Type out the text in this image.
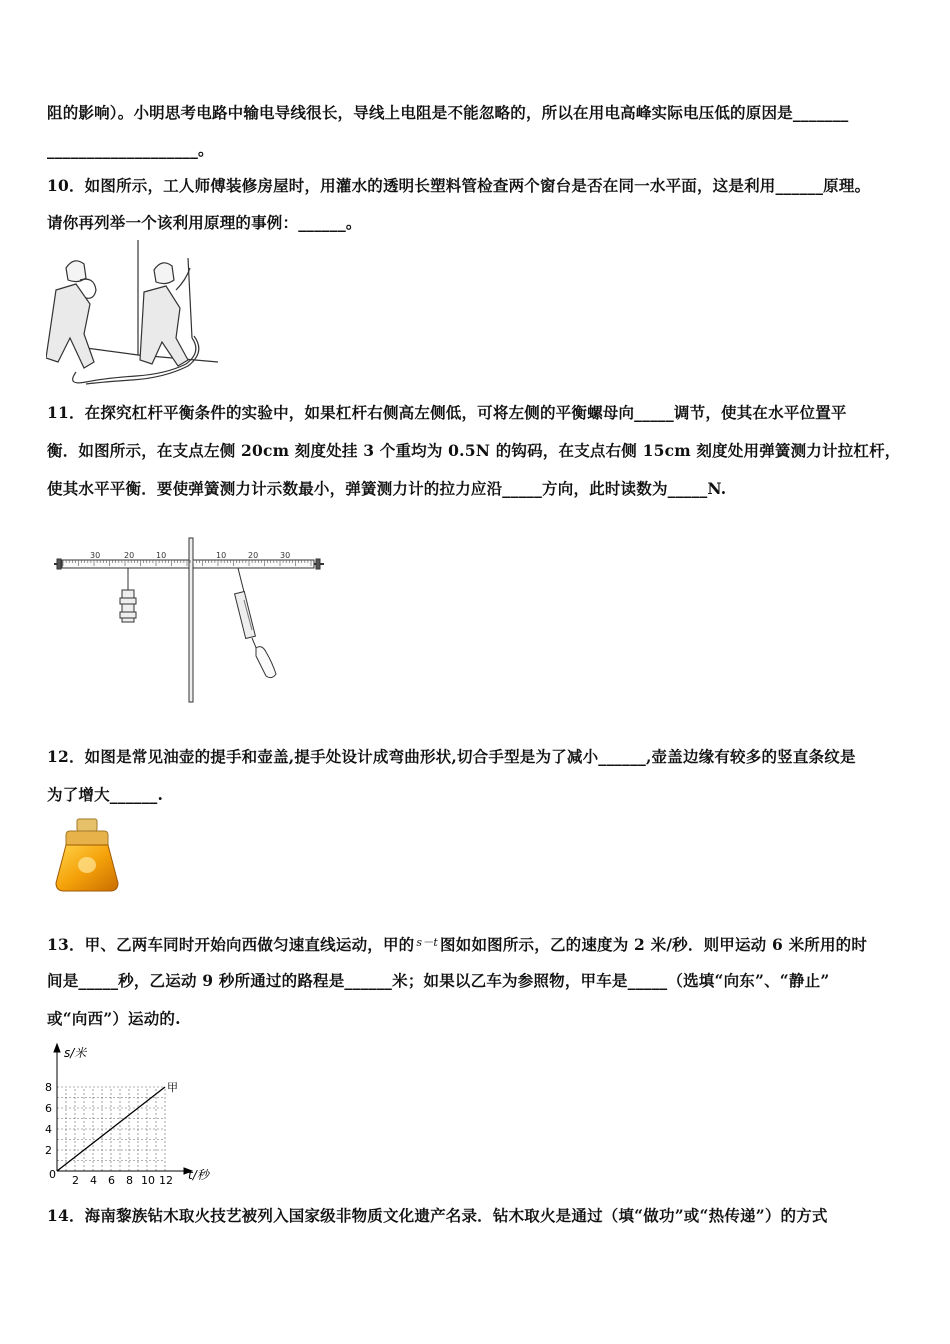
阻的影响）。小明思考电路中输电导线很长，导线上电阻是不能忽略的，所以在用电高峰实际电压低的原因是_______
___________________。
10．如图所示，工人师傅装修房屋时，用灌水的透明长塑料管检查两个窗台是否在同一水平面，这是利用______原理。
请你再列举一个该利用原理的事例：______。
11．在探究杠杆平衡条件的实验中，如果杠杆右侧高左侧低，可将左侧的平衡螺母向_____调节，使其在水平位置平
衡．如图所示，在支点左侧 20cm 刻度处挂 3 个重均为 0.5N 的钩码，在支点右侧 15cm 刻度处用弹簧测力计拉杠杆，
使其水平平衡．要使弹簧测力计示数最小，弹簧测力计的拉力应沿_____方向，此时读数为_____N.
30	20	10	10	20	30
12．如图是常见油壶的提手和壶盖,提手处设计成弯曲形状,切合手型是为了减小______,壶盖边缘有较多的竖直条纹是
为了增大______.
13．甲、乙两车同时开始向西做匀速直线运动，甲的 $^{s-t}$ 图如如图所示，乙的速度为 2 米/秒．则甲运动 6 米所用的时
间是_____秒，乙运动 9 秒所通过的路程是______米；如果以乙车为参照物，甲车是_____（选填“向东”、“静止”
或“向西”）运动的.
2 4 6 8 10 12
2
4
6
8
s/米
t/秒
0
甲
14．海南黎族钻木取火技艺被列入国家级非物质文化遗产名录．钻木取火是通过（填“做功”或“热传递”）的方式
